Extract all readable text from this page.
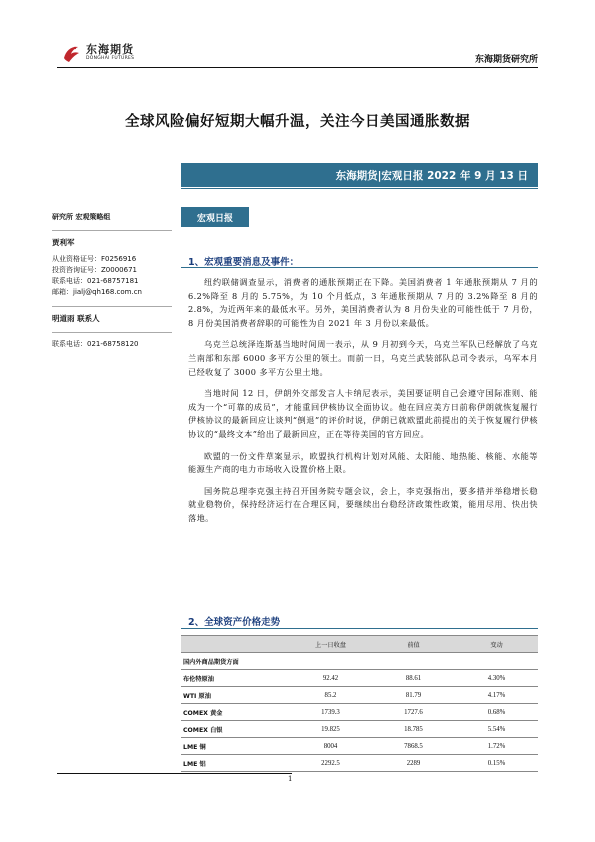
东海期货
DONGHAI FUTURES	东海期货研究所
全球风险偏好短期大幅升温，关注今日美国通胀数据
东海期货|宏观日报 2022 年 9 月 13 日
研究所 宏观策略组
贾利军
从业资格证号：F0256916
投资咨询证号：Z0000671
联系电话：021-68757181
邮箱：jialj@qh168.com.cn
明道雨 联系人
联系电话：021-68758120
宏观日报
1、宏观重要消息及事件：

纽约联储调查显示，消费者的通胀预期正在下降。美国消费者 1 年通胀预期从 7 月的 6.2%降至 8 月的 5.75%，为 10 个月低点，3 年通胀预期从 7 月的 3.2%降至 8 月的 2.8%，为近两年来的最低水平。另外，美国消费者认为 8 月份失业的可能性低于 7 月份，8 月份美国消费者辞职的可能性为自 2021 年 3 月份以来最低。

乌克兰总统泽连斯基当地时间周一表示，从 9 月初到今天，乌克兰军队已经解放了乌克兰南部和东部 6000 多平方公里的领土。而前一日，乌克兰武装部队总司令表示，乌军本月已经收复了 3000 多平方公里土地。

当地时间 12 日，伊朗外交部发言人卡纳尼表示，美国要证明自己会遵守国际准则、能成为一个“可靠的成员”，才能重回伊核协议全面协议。他在回应美方日前称伊朗就恢复履行伊核协议的最新回应让谈判“倒退”的评价时说，伊朗已就欧盟此前提出的关于恢复履行伊核协议的“最终文本”给出了最新回应，正在等待美国的官方回应。

欧盟的一份文件草案显示，欧盟执行机构计划对风能、太阳能、地热能、核能、水能等能源生产商的电力市场收入设置价格上限。

国务院总理李克强主持召开国务院专题会议，会上，李克强指出，要多措并举稳增长稳就业稳物价，保持经济运行在合理区间，要继续出台稳经济政策性政策，能用尽用、快出快落地。

2、全球资产价格走势
	上一日收盘	前值	变动
国内外商品期货方面			
布伦特原油	92.42	88.61	4.30%
WTI 原油	85.2	81.79	4.17%
COMEX 黄金	1739.3	1727.6	0.68%
COMEX 白银	19.825	18.785	5.54%
LME 铜	8004	7868.5	1.72%
LME 铝	2292.5	2289	0.15%
1
